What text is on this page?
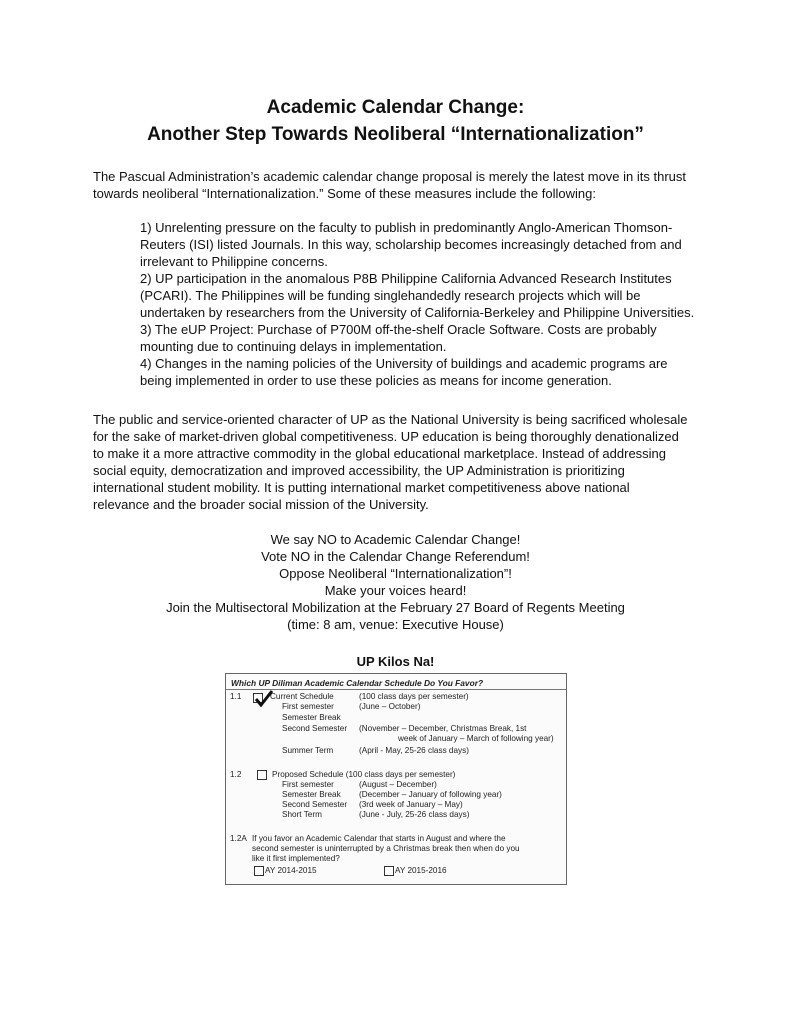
Academic Calendar Change:
Another Step Towards Neoliberal “Internationalization”
The Pascual Administration’s academic calendar change proposal is merely the latest move in its thrust
towards neoliberal “Internationalization.” Some of these measures include the following:
1) Unrelenting pressure on the faculty to publish in predominantly Anglo-American Thomson-
Reuters (ISI) listed Journals. In this way, scholarship becomes increasingly detached from and
irrelevant to Philippine concerns.
2) UP participation in the anomalous P8B Philippine California Advanced Research Institutes
(PCARI). The Philippines will be funding singlehandedly research projects which will be
undertaken by researchers from the University of California-Berkeley and Philippine Universities.
3) The eUP Project: Purchase of P700M off-the-shelf Oracle Software. Costs are probably
mounting due to continuing delays in implementation.
4) Changes in the naming policies of the University of buildings and academic programs are
being implemented in order to use these policies as means for income generation.
The public and service-oriented character of UP as the National University is being sacrificed wholesale
for the sake of market-driven global competitiveness. UP education is being thoroughly denationalized
to make it a more attractive commodity in the global educational marketplace. Instead of addressing
social equity, democratization and improved accessibility, the UP Administration is prioritizing
international student mobility. It is putting international market competitiveness above national
relevance and the broader social mission of the University.
We say NO to Academic Calendar Change!
Vote NO in the Calendar Change Referendum!
Oppose Neoliberal “Internationalization”!
Make your voices heard!
Join the Multisectoral Mobilization at the February 27 Board of Regents Meeting
(time: 8 am, venue: Executive House)
UP Kilos Na!
Which UP Diliman Academic Calendar Schedule Do You Favor?
1.1	Current Schedule	(100 class days per semester)
First semester	(June – October)
Semester Break
Second Semester (November – December, Christmas Break, 1st
week of January – March of following year)
Summer Term	(April - May, 25-26 class days)
1.2	Proposed Schedule (100 class days per semester)
First semester	(August – December)
Semester Break (December – January of following year)
Second Semester (3rd week of January – May)
Short Term	(June - July, 25-26 class days)
1.2A If you favor an Academic Calendar that starts in August and where the
second semester is uninterrupted by a Christmas break then when do you
like it first implemented?
AY 2014-2015	AY 2015-2016
